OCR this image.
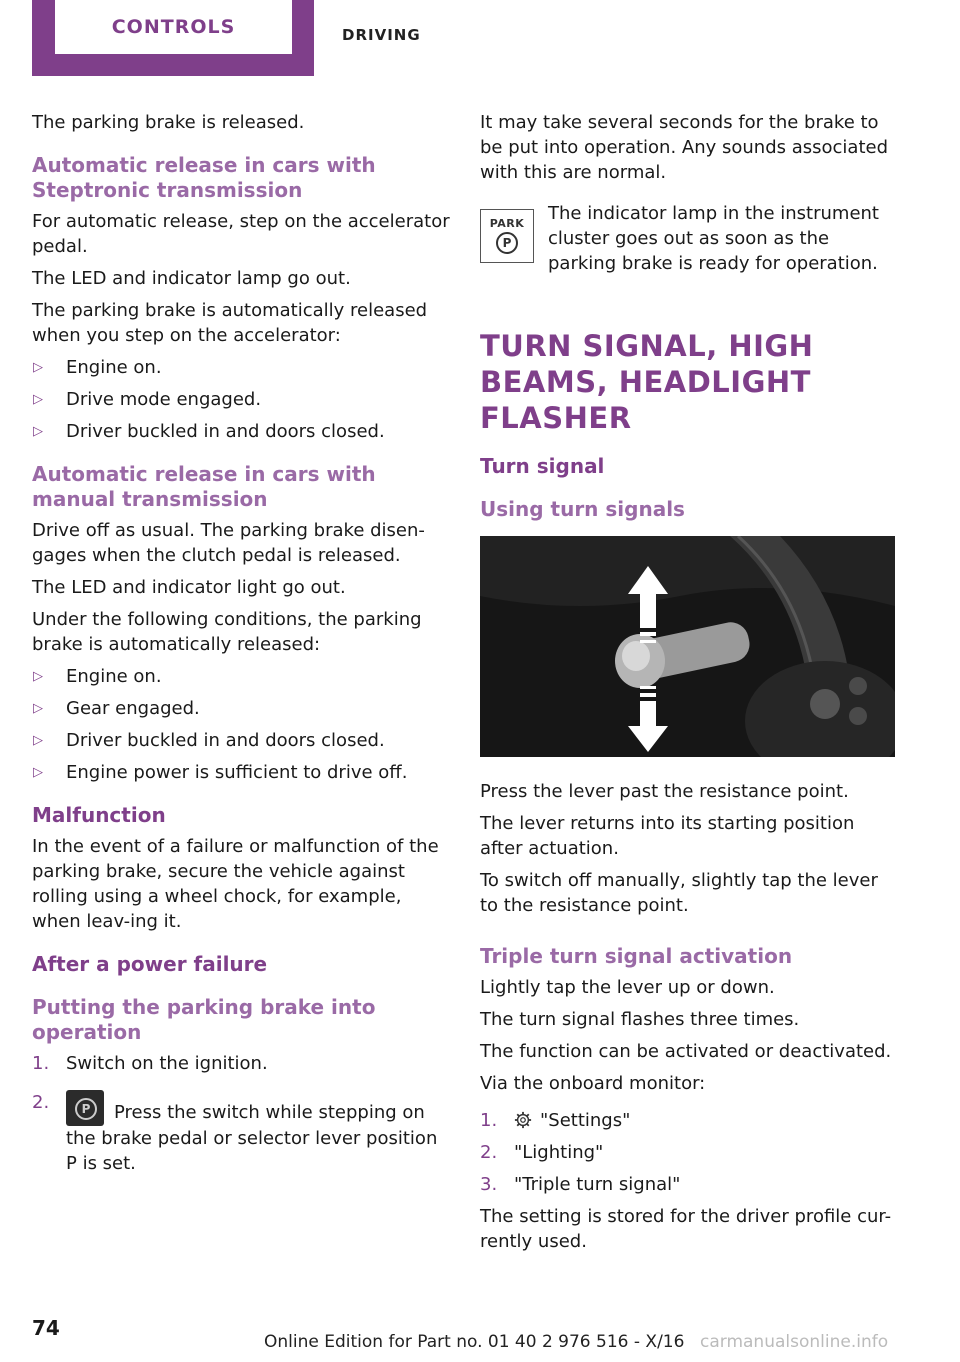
CONTROLS	DRIVING

The parking brake is released.

Automatic release in cars with Steptronic transmission

For automatic release, step on the accelerator pedal.

The LED and indicator lamp go out.

The parking brake is automatically released when you step on the accelerator:

▷ Engine on.
▷ Drive mode engaged.
▷ Driver buckled in and doors closed.
Automatic release in cars with manual transmission

Drive off as usual. The parking brake disen-gages when the clutch pedal is released.

The LED and indicator light go out.

Under the following conditions, the parking brake is automatically released:

▷ Engine on.
▷ Gear engaged.
▷ Driver buckled in and doors closed.
▷ Engine power is sufficient to drive off.
Malfunction

In the event of a failure or malfunction of the parking brake, secure the vehicle against rolling using a wheel chock, for example, when leav-ing it.

After a power failure
Putting the parking brake into operation
1. Switch on the ignition.
2.	P	Press the switch while stepping on the brake pedal or selector lever position P is set.

It may take several seconds for the brake to be put into operation. Any sounds associated with this are normal.

PARK
P
The indicator lamp in the instrument cluster goes out as soon as the parking brake is ready for operation.
TURN SIGNAL, HIGH BEAMS, HEADLIGHT FLASHER
Turn signal
Using turn signals

Press the lever past the resistance point.

The lever returns into its starting position after actuation.

To switch off manually, slightly tap the lever to the resistance point.

Triple turn signal activation

Lightly tap the lever up or down.

The turn signal flashes three times.

The function can be activated or deactivated.

Via the onboard monitor:

1. "Settings"
2. "Lighting"
3. "Triple turn signal"

The setting is stored for the driver profile cur-rently used.

74
Online Edition for Part no. 01 40 2 976 516 - X/16 carmanualsonline.info
